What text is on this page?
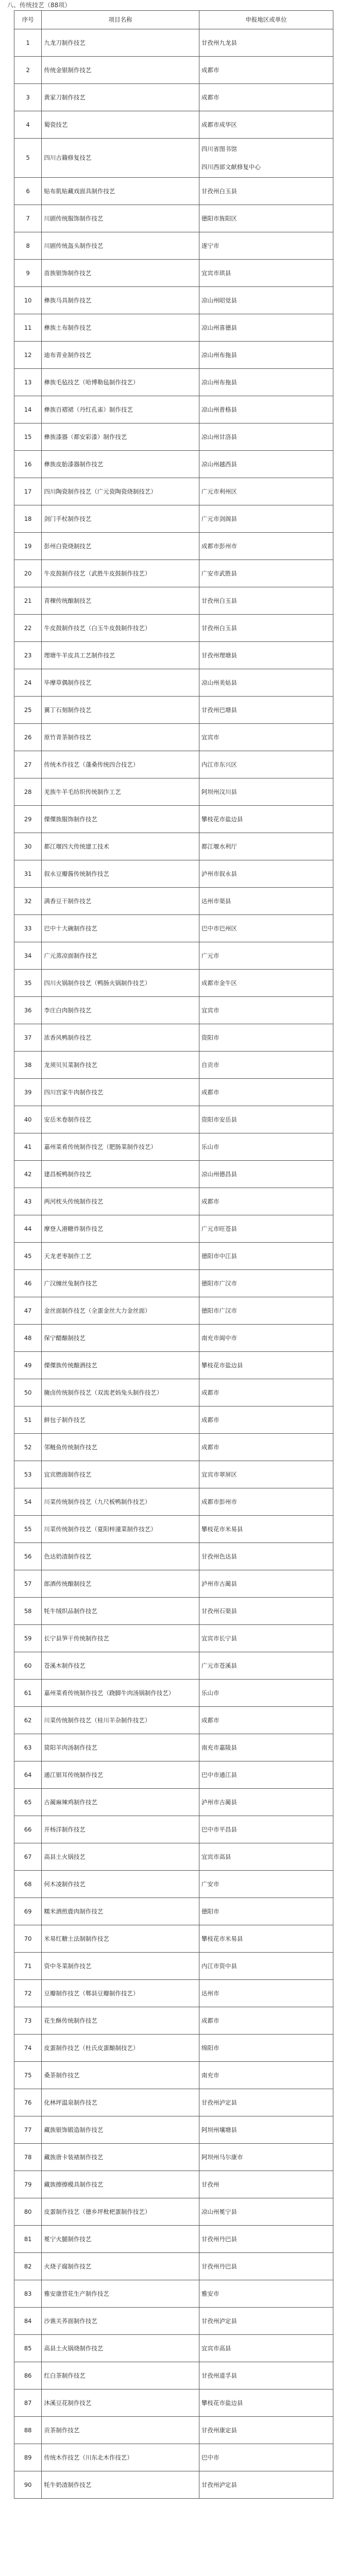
八、传统技艺（88项）
序号	项目名称	申报地区或单位
1	九龙刀制作技艺	甘孜州九龙县
2	传统金银制作技艺	成都市
3	黄家刀制作技艺	成都市
4	蜀瓷技艺	成都市成华区
5	四川古籍修复技艺	四川省图书馆
四川西部文献修复中心

6	贴布肌贴藏戏面具制作技艺	甘孜州白玉县
7	川剧传统服饰制作技艺	德阳市旌阳区
8	川剧传统盔头制作技艺	遂宁市
9	苗族银饰制作技艺	宜宾市珙县
10	彝族马具制作技艺	凉山州昭觉县
11	彝族土布制作技艺	凉山州喜德县
12	迪布青业制作技艺	凉山州布拖县
13	彝族毛毡技艺（哈博勒毡制作技艺）	凉山州布拖县
14	彝族百褶裙（丹红孔雀）制作技艺	凉山州普格县
15	彝族漆器（都安彩漆）制作技艺	凉山州甘洛县
16	彝族皮胎漆器制作技艺	凉山州越西县
17	四川陶瓷制作技艺（广元瓷陶瓷烧制技艺）	广元市利州区
18	剑门手杖制作技艺	广元市剑阁县
19	彭州白瓷烧制技艺	成都市彭州市
20	牛皮鼓制作技艺（武胜牛皮鼓制作技艺）	广安市武胜县
21	青稞传统酿制技艺	甘孜州白玉县
22	牛皮鼓制作技艺（白玉牛皮鼓制作技艺）	甘孜州白玉县
23	理塘牛羊皮具工艺制作技艺	甘孜州理塘县
24	毕摩草偶制作技艺	凉山州美姑县
25	翼丁石刻制作技艺	甘孜州巴塘县
26	原竹青茶制作技艺	宜宾市
27	传统木作技艺（蓬桑传统四合技艺）	内江市东兴区
28	羌族牛羊毛纺织传统制作工艺	阿坝州汶川县
29	傈僳族服饰制作技艺	攀枝花市盐边县
30	都江堰四大传统建工技术	都江堰水利厅
31	叙永豆瓣酱传统制作技艺	泸州市叙永县
32	满香豆干制作技艺	达州市渠县
33	巴中十大碗制作技艺	巴中市巴州区
34	广元蒸凉面制作技艺	广元市
35	四川火锅制作技艺（鸭肠火锅制作技艺）	成都市金牛区
36	李庄白肉制作技艺	宜宾市
37	浓香风鸭制作技艺	资阳市
38	龙须贝贝菜制作技艺	自贡市
39	四川宫家牛肉制作技艺	成都市
40	安岳米卷制作技艺	资阳市安岳县
41	嘉州菜肴传统制作技艺（肥肠菜制作技艺）	乐山市
42	建昌板鸭制作技艺	凉山州德昌县
43	两河枕头传统制作技艺	成都市
44	摩登人港糖炸制作技艺	广元市旺苍县
45	天龙老枣制作工艺	德阳市中江县
46	广汉缠丝兔制作技艺	德阳市广汉市
47	金丝面制作技艺（全蛋金丝大力金丝面）	德阳市广汉市
48	保宁醋酿制技艺	南充市阆中市
49	傈僳族传统酿酒技艺	攀枝花市盐边县
50	腌卤传统制作技艺（双流老妈兔头制作技艺）	成都市
51	鲜包子制作技艺	成都市
52	邻鲢鱼传统制作技艺	成都市
53	宜宾燃面制作技艺	宜宾市翠屏区
54	川菜传统制作技艺（九尺板鸭制作技艺）	成都市彭州市
55	川菜传统制作技艺（夏阳梓潼菜制作技艺）	攀枝花市米易县
56	色达奶渣制作技艺	甘孜州色达县
57	郎酒传统酿制技艺	泸州市古蔺县
58	牦牛绒织品制作技艺	甘孜州石渠县
59	长宁县笋干传统制作技艺	宜宾市长宁县
60	苍溪木制作技艺	广元市苍溪县
61	嘉州菜肴传统制作技艺（跷脚牛肉汤锅制作技艺）	乐山市
62	川菜传统制作技艺（桂川羊杂制作技艺）	成都市
63	简阳羊肉汤制作技艺	南充市嘉陵县
64	通江银耳传统制作技艺	巴中市通江县
65	古蔺麻辣鸡制作技艺	泸州市古蔺县
66	开杨洋制作技艺	巴中市平昌县
67	高县土火锅技艺	宜宾市高县
68	何木凌制作技艺	广安市
69	糯米酒煎鹿肉制作技艺	德阳市
70	米易红糖土法制制作技艺	攀枝花市米易县
71	资中冬菜制作技艺	内江市资中县
72	豆瓣制作技艺（郫县豆瓣制作技艺）	达州市
73	花生酥传统制作技艺	成都市
74	皮蛋制作技艺（杜氏皮蛋酿制技艺）	绵阳市
75	桑茶制作技艺	南充市
76	化林坪温泉制作技艺	甘孜州泸定县
77	藏族银饰锻造制作技艺	阿坝州壤塘县
78	藏族唐卡装裱制作技艺	阿坝州马尔康市
79	藏族擦擦模具制作技艺	甘孜州
80	皮蛋制作技艺（德乡坪枇杷蛋制作技艺）	凉山州冕宁县
81	冕宁火腿制作技艺	甘孜州丹巴县
82	火烧子腐制作技艺	甘孜州丹巴县
83	雅安康营花生产制作技艺	雅安市
84	沙谯关荞面制作技艺	甘孜州泸定县
85	高县土火锅烧制作技艺	宜宾市高县
86	红白茶制作技艺	甘孜州道孚县
87	沐溪豆花制作技艺	攀枝花市盐边县
88	贡茶制作技艺	甘孜州康定县
89	传统木作技艺（川东北木作技艺）	巴中市
90	牦牛奶渣制作技艺	甘孜州泸定县
